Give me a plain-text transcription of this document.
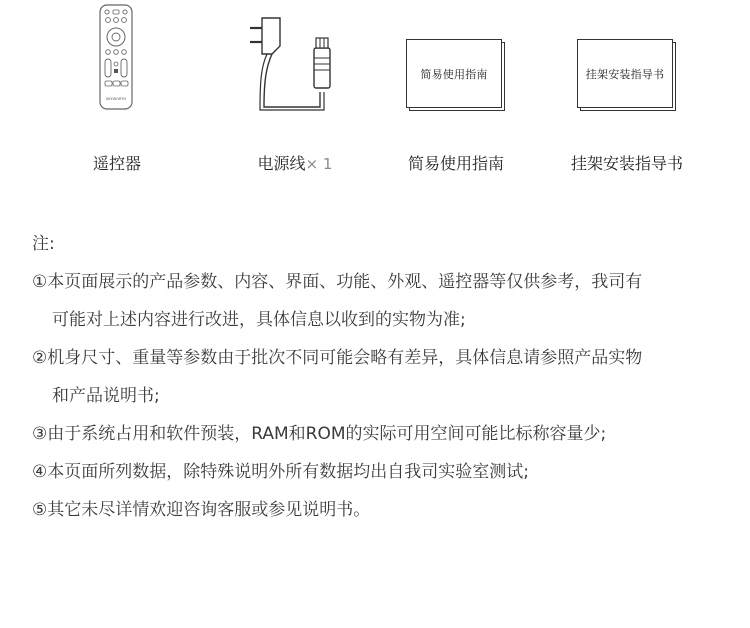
SKYWORTH
简易使用指南	挂架安装指导书
遥控器	电源线× 1	简易使用指南	挂架安装指导书
注:
①本页面展示的产品参数、内容、界面、功能、外观、遥控器等仅供参考，我司有
可能对上述内容进行改进，具体信息以收到的实物为准;
②机身尺寸、重量等参数由于批次不同可能会略有差异，具体信息请参照产品实物
和产品说明书;
③由于系统占用和软件预装，RAM和ROM的实际可用空间可能比标称容量少;
④本页面所列数据，除特殊说明外所有数据均出自我司实验室测试;
⑤其它未尽详情欢迎咨询客服或参见说明书。
